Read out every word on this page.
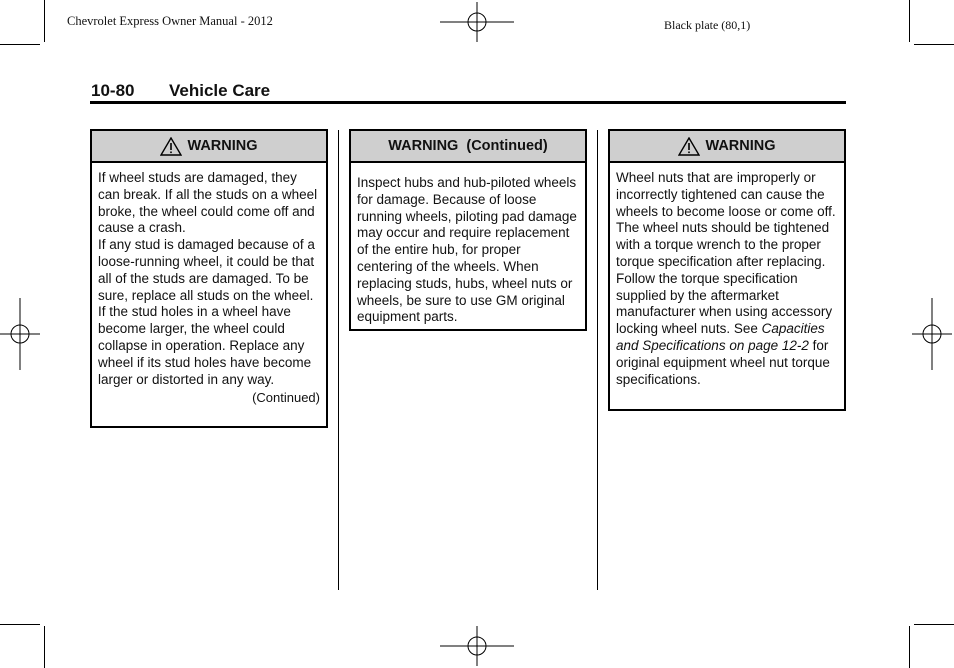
Chevrolet Express Owner Manual - 2012	Black plate (80,1)
10-80 Vehicle Care
WARNING

If wheel studs are damaged, they can break. If all the studs on a wheel broke, the wheel could come off and cause a crash.

If any stud is damaged because of a loose-running wheel, it could be that all of the studs are damaged. To be sure, replace all studs on the wheel. If the stud holes in a wheel have become larger, the wheel could collapse in operation. Replace any wheel if its stud holes have become larger or distorted in any way.

(Continued)
WARNING  (Continued)

Inspect hubs and hub-piloted wheels for damage. Because of loose running wheels, piloting pad damage may occur and require replacement of the entire hub, for proper centering of the wheels. When replacing studs, hubs, wheel nuts or wheels, be sure to use GM original equipment parts.

WARNING

Wheel nuts that are improperly or incorrectly tightened can cause the wheels to become loose or come off. The wheel nuts should be tightened with a torque wrench to the proper torque specification after replacing. Follow the torque specification supplied by the aftermarket manufacturer when using accessory locking wheel nuts. See Capacities and Specifications on page 12-2 for original equipment wheel nut torque specifications.
